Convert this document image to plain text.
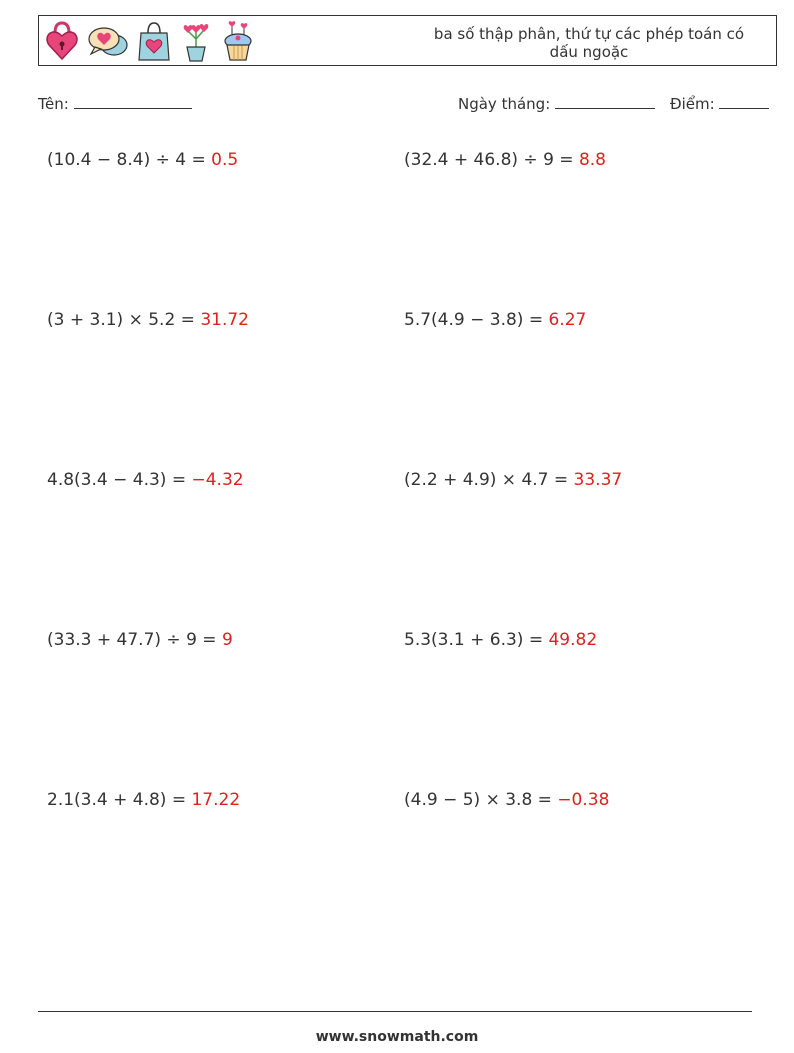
ba số thập phân, thứ tự các phép toán có
dấu ngoặc
Tên:	Ngày tháng:	Điểm:
(10.4 − 8.4) ÷ 4 = 0.5	(32.4 + 46.8) ÷ 9 = 8.8
(3 + 3.1) × 5.2 = 31.72	5.7(4.9 − 3.8) = 6.27
4.8(3.4 − 4.3) = −4.32	(2.2 + 4.9) × 4.7 = 33.37
(33.3 + 47.7) ÷ 9 = 9	5.3(3.1 + 6.3) = 49.82
2.1(3.4 + 4.8) = 17.22	(4.9 − 5) × 3.8 = −0.38
www.snowmath.com
